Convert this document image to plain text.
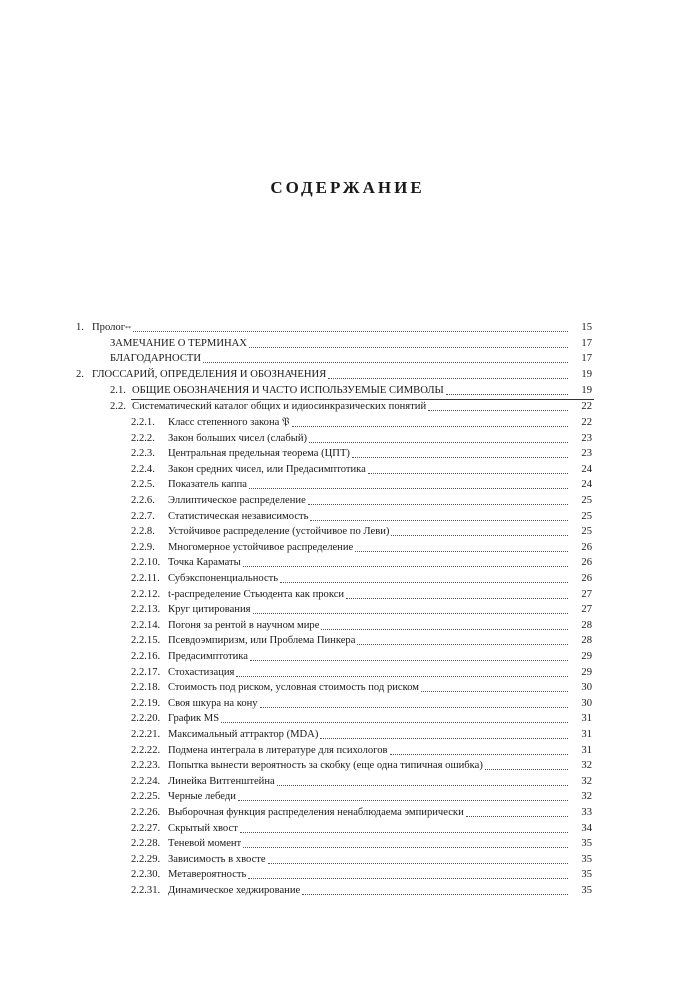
СОДЕРЖАНИЕ
1. Пролог **	15
ЗАМЕЧАНИЕ О ТЕРМИНАХ	17
БЛАГОДАРНОСТИ	17
2. ГЛОССАРИЙ, ОПРЕДЕЛЕНИЯ И ОБОЗНАЧЕНИЯ	19
2.1. ОБЩИЕ ОБОЗНАЧЕНИЯ И ЧАСТО ИСПОЛЬЗУЕМЫЕ СИМВОЛЫ	19
2.2. Систематический каталог общих и идиосинкразических понятий	22
2.2.1.	Класс степенного закона 𝔓	22
2.2.2.	Закон больших чисел (слабый)	23
2.2.3.	Центральная предельная теорема (ЦПТ)	23
2.2.4.	Закон средних чисел, или Предасимптотика	24
2.2.5.	Показатель каппа	24
2.2.6.	Эллиптическое распределение	25
2.2.7.	Статистическая независимость	25
2.2.8.	Устойчивое распределение (устойчивое по Леви)	25
2.2.9.	Многомерное устойчивое распределение	26
2.2.10. Точка Караматы	26
2.2.11. Субэкспоненциальность	26
2.2.12. t-распределение Стьюдента как прокси	27
2.2.13. Круг цитирования	27
2.2.14. Погоня за рентой в научном мире	28
2.2.15. Псевдоэмпиризм, или Проблема Пинкера	28
2.2.16. Предасимптотика	29
2.2.17. Стохастизация	29
2.2.18. Стоимость под риском, условная стоимость под риском	30
2.2.19. Своя шкура на кону	30
2.2.20. График MS	31
2.2.21. Максимальный аттрактор (MDA)	31
2.2.22. Подмена интеграла в литературе для психологов	31
2.2.23. Попытка вынести вероятность за скобку (еще одна типичная ошибка)	32
2.2.24. Линейка Витгенштейна	32
2.2.25. Черные лебеди	32
2.2.26. Выборочная функция распределения ненаблюдаема эмпирически	33
2.2.27. Скрытый хвост	34
2.2.28. Теневой момент	35
2.2.29. Зависимость в хвосте	35
2.2.30. Метавероятность	35
2.2.31. Динамическое хеджирование	35
